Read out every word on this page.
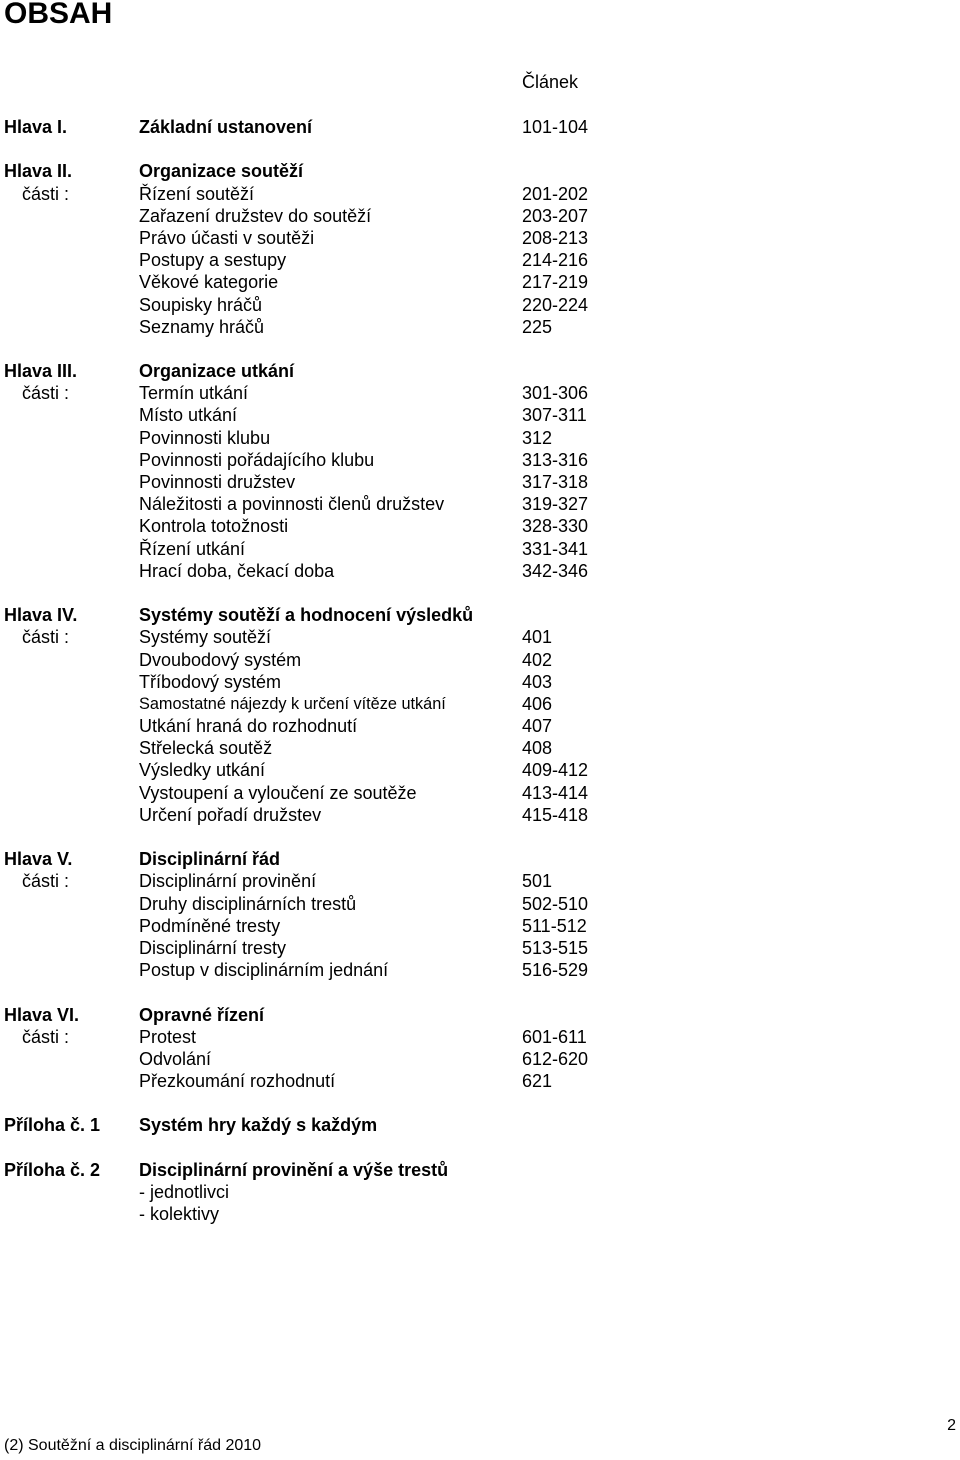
OBSAH
Článek
Hlava I.	Základní ustanovení	101-104
Hlava II.	Organizace soutěží
části :	Řízení soutěží	201-202
Zařazení družstev do soutěží	203-207
Právo účasti v soutěži	208-213
Postupy a sestupy	214-216
Věkové kategorie	217-219
Soupisky hráčů	220-224
Seznamy hráčů	225
Hlava III.	Organizace utkání
části :	Termín utkání	301-306
Místo utkání	307-311
Povinnosti klubu	312
Povinnosti pořádajícího klubu	313-316
Povinnosti družstev	317-318
Náležitosti a povinnosti členů družstev	319-327
Kontrola totožnosti	328-330
Řízení utkání	331-341
Hrací doba, čekací doba	342-346
Hlava IV.	Systémy soutěží a hodnocení výsledků
části :	Systémy soutěží	401
Dvoubodový systém	402
Tříbodový systém	403
Samostatné nájezdy k určení vítěze utkání	406
Utkání hraná do rozhodnutí	407
Střelecká soutěž	408
Výsledky utkání	409-412
Vystoupení a vyloučení ze soutěže	413-414
Určení pořadí družstev	415-418
Hlava V.	Disciplinární řád
části :	Disciplinární provinění	501
Druhy disciplinárních trestů	502-510
Podmíněné tresty	511-512
Disciplinární tresty	513-515
Postup v disciplinárním jednání	516-529
Hlava VI.	Opravné řízení
části :	Protest	601-611
Odvolání	612-620
Přezkoumání rozhodnutí	621
Příloha č. 1 Systém hry každý s každým
Příloha č. 2 Disciplinární provinění a výše trestů
- jednotlivci
- kolektivy
(2) Soutěžní a disciplinární řád 2010
2
